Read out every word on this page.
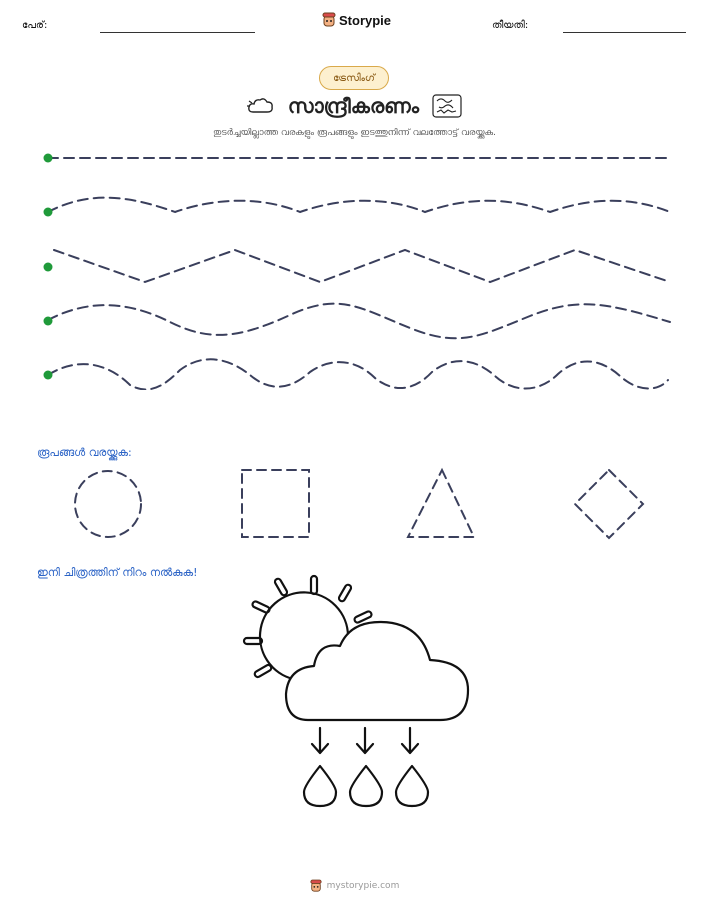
പേര്:	Storypie	തീയതി:
ട്രേസിംഗ്
സാന്ദ്രീകരണം
തുടർച്ചയില്ലാത്ത വരകളും രൂപങ്ങളും ഇടത്തുനിന്ന് വലത്തോട്ട് വരയ്ക്കുക.
രൂപങ്ങൾ വരയ്ക്കുക:
ഇനി ചിത്രത്തിന് നിറം നൽകുക!
mystorypie.com
